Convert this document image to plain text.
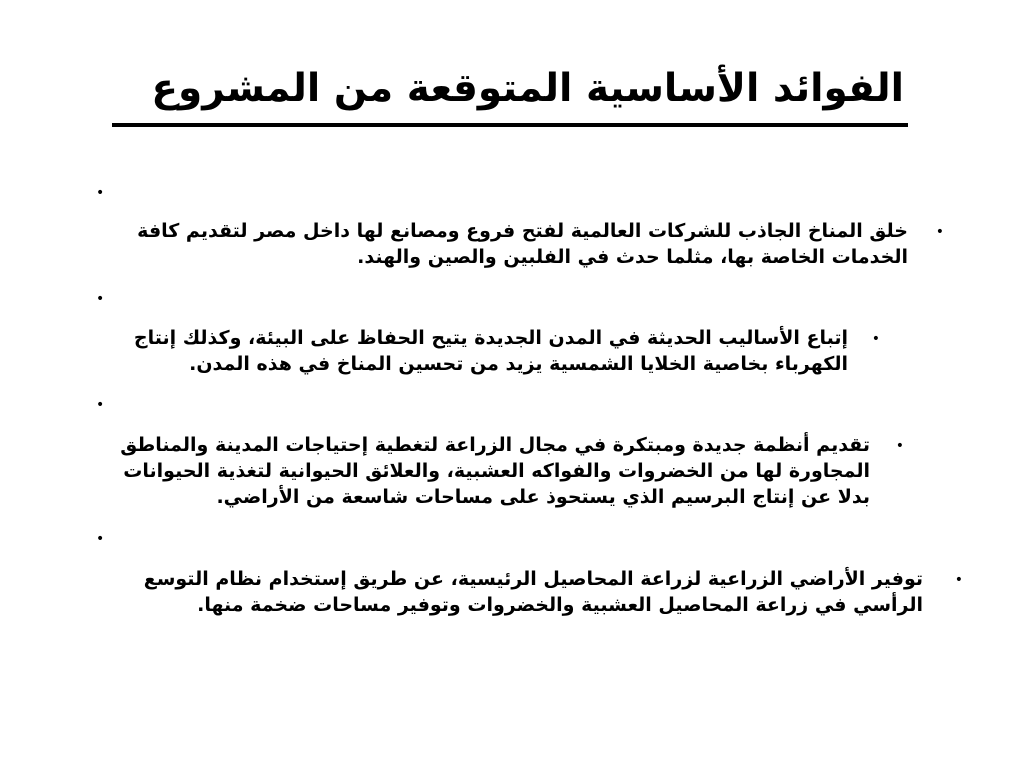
الفوائد الأساسية المتوقعة من المشروع
•
•
•
•
•
خلق المناخ الجاذب للشركات العالمية لفتح فروع ومصانع لها داخل مصر لتقديم كافة
الخدمات الخاصة بها، مثلما حدث في الفلبين والصين والهند.
•
إتباع الأساليب الحديثة في المدن الجديدة يتيح الحفاظ على البيئة، وكذلك إنتاج
الكهرباء بخاصية الخلايا الشمسية يزيد من تحسين المناخ في هذه المدن.
•
تقديم أنظمة جديدة ومبتكرة في مجال الزراعة لتغطية إحتياجات المدينة والمناطق
المجاورة لها من الخضروات والفواكه العشبية، والعلائق الحيوانية لتغذية الحيوانات
بدلا عن إنتاج البرسيم الذي يستحوذ على مساحات شاسعة من الأراضي.
•
توفير الأراضي الزراعية لزراعة المحاصيل الرئيسية، عن طريق إستخدام نظام التوسع
الرأسي في زراعة المحاصيل العشبية والخضروات وتوفير مساحات ضخمة منها.
